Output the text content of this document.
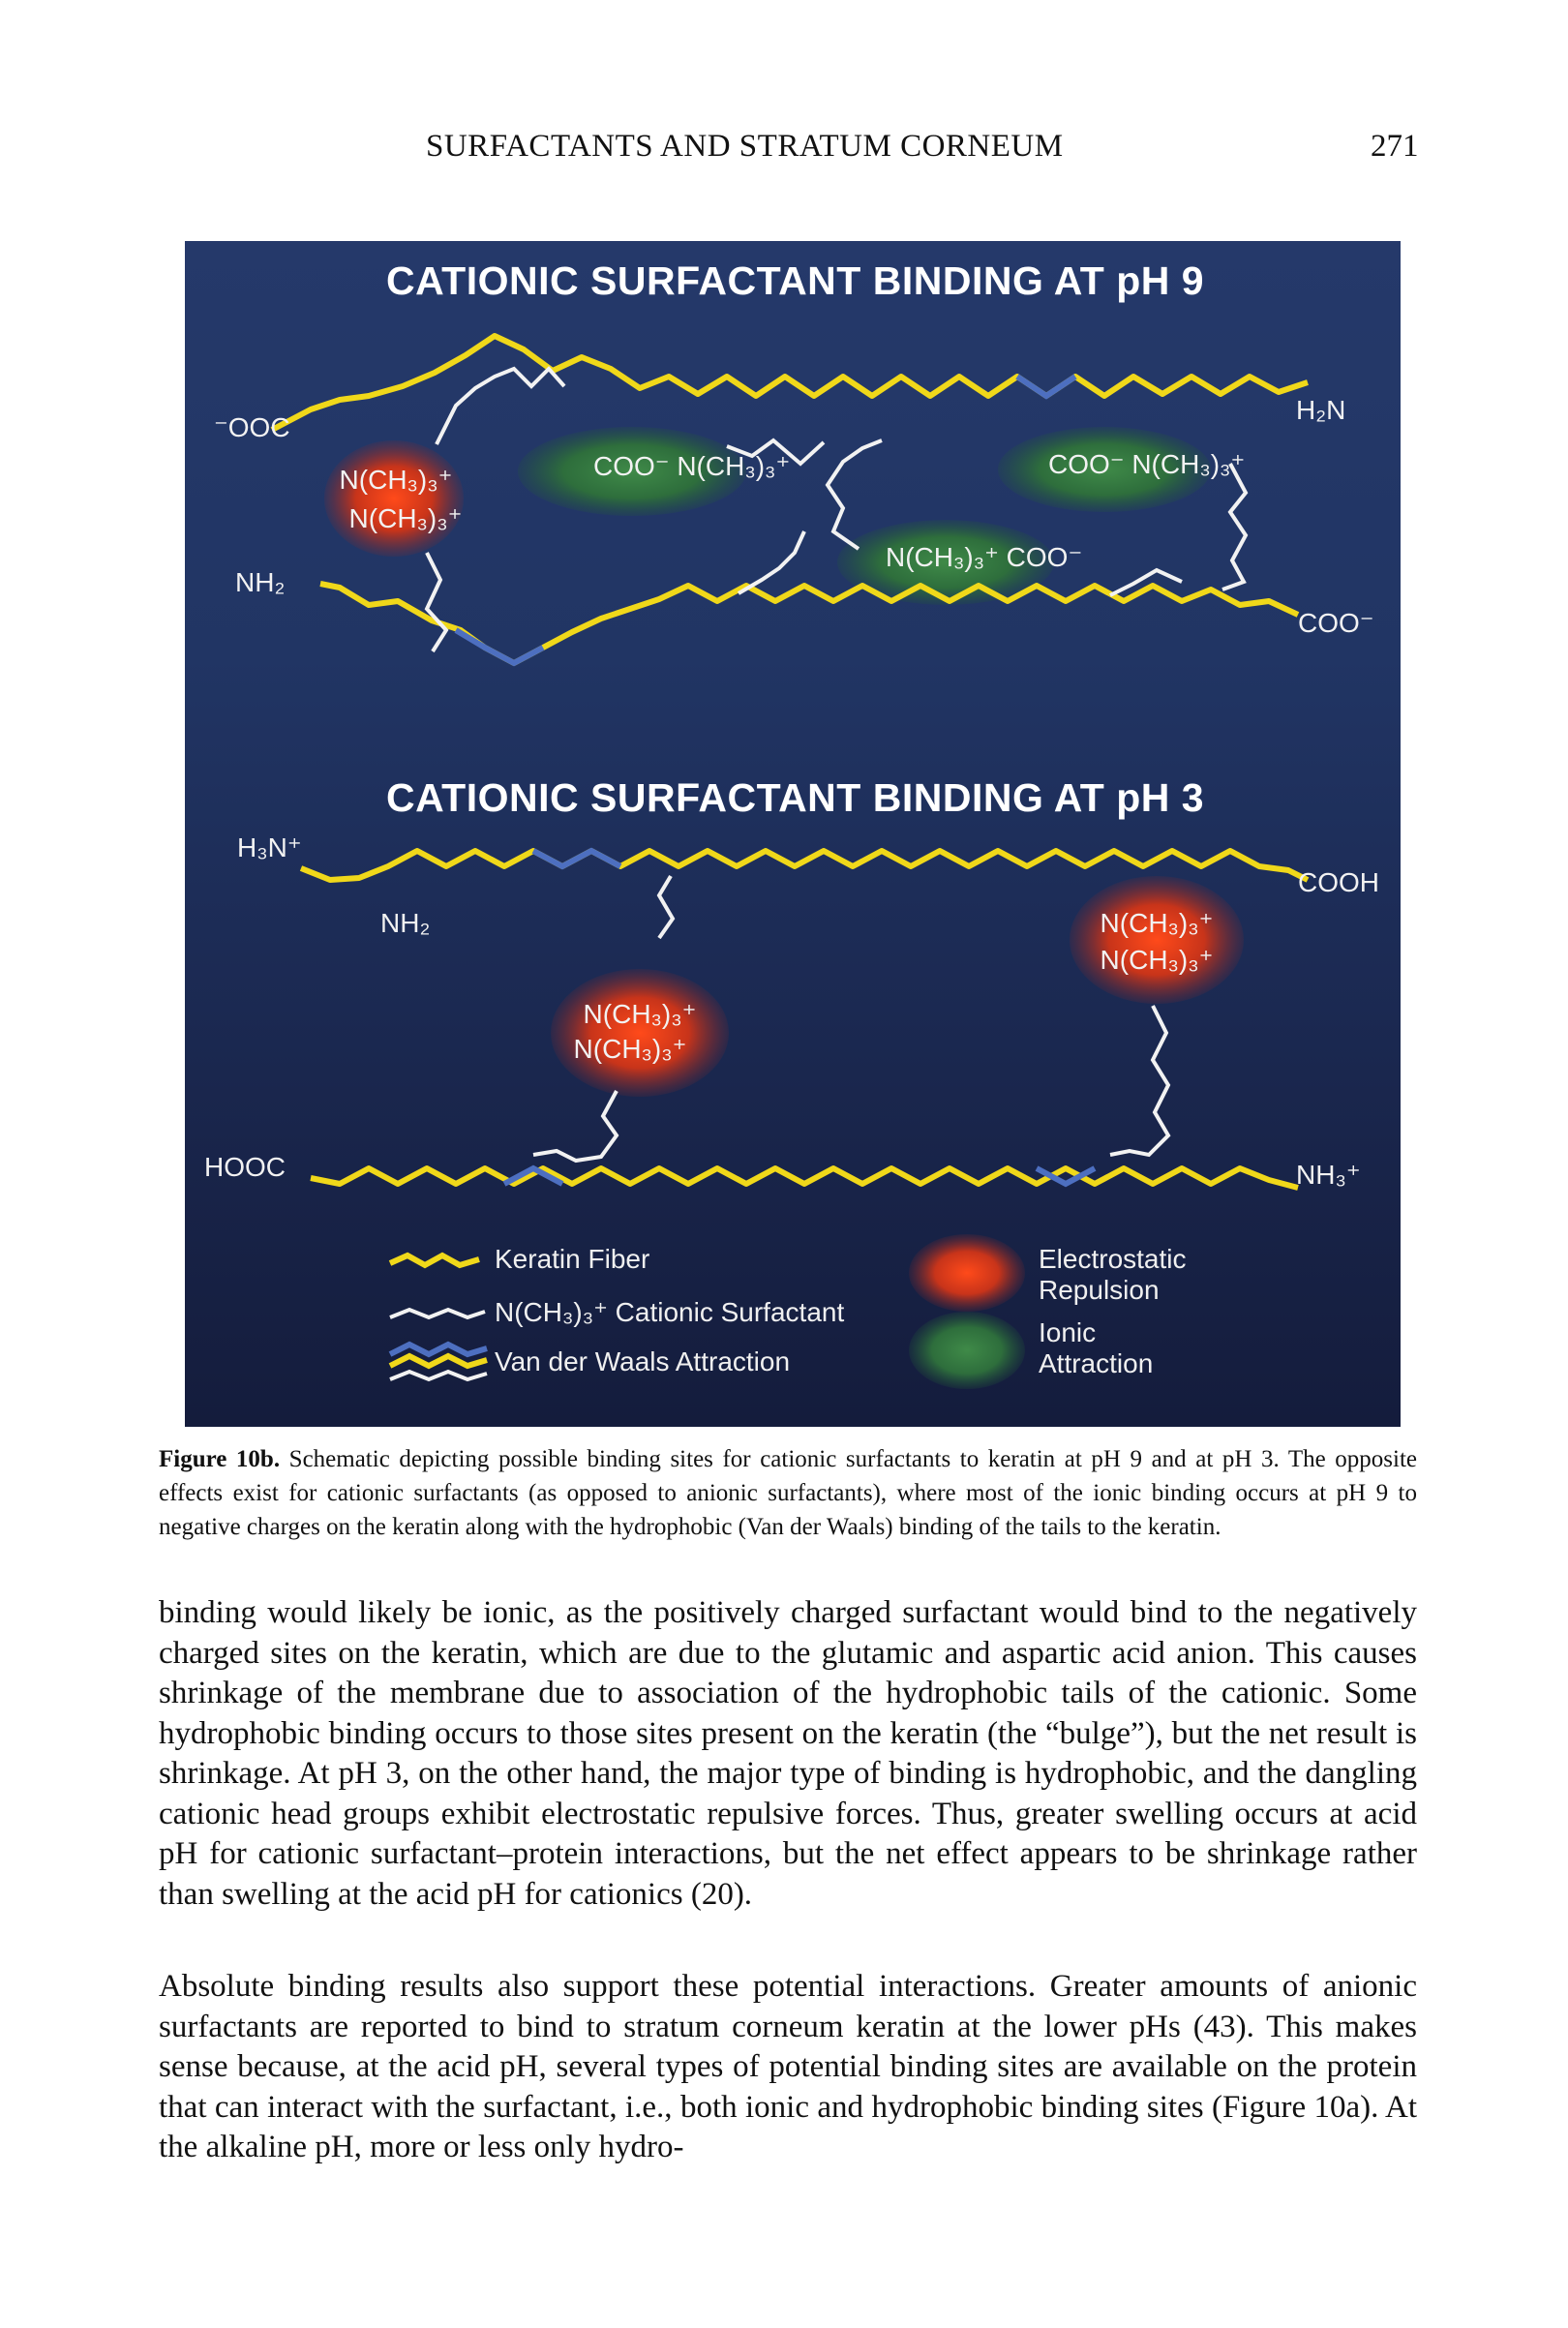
SURFACTANTS AND STRATUM CORNEUM	271
CATIONIC SURFACTANT BINDING AT pH 9
CATIONIC SURFACTANT BINDING AT pH 3
⁻OOC
H₂N
NH₂
COO⁻
N(CH₃)₃⁺
N(CH₃)₃⁺
COO⁻ N(CH₃)₃⁺	COO⁻ N(CH₃)₃⁺
N(CH₃)₃⁺ COO⁻
H₃N⁺
COOH
NH₂
HOOC	NH₃⁺
N(CH₃)₃⁺
N(CH₃)₃⁺
N(CH₃)₃⁺
N(CH₃)₃⁺
Keratin Fiber
N(CH₃)₃⁺ Cationic Surfactant
Van der Waals Attraction
Electrostatic
Repulsion
Ionic
Attraction
Figure 10b. Schematic depicting possible binding sites for cationic surfactants to keratin at pH 9 and at pH 3. The opposite effects exist for cationic surfactants (as opposed to anionic surfactants), where most of the ionic binding occurs at pH 9 to negative charges on the keratin along with the hydrophobic (Van der Waals) binding of the tails to the keratin.
binding would likely be ionic, as the positively charged surfactant would bind to the negatively charged sites on the keratin, which are due to the glutamic and aspartic acid anion. This causes shrinkage of the membrane due to association of the hydrophobic tails of the cationic. Some hydrophobic binding occurs to those sites present on the keratin (the “bulge”), but the net result is shrinkage. At pH 3, on the other hand, the major type of binding is hydrophobic, and the dangling cationic head groups exhibit electrostatic repulsive forces. Thus, greater swelling occurs at acid pH for cationic surfactant–protein interactions, but the net effect appears to be shrinkage rather than swelling at the acid pH for cationics (20).
Absolute binding results also support these potential interactions. Greater amounts of anionic surfactants are reported to bind to stratum corneum keratin at the lower pHs (43). This makes sense because, at the acid pH, several types of potential binding sites are available on the protein that can interact with the surfactant, i.e., both ionic and hydrophobic binding sites (Figure 10a). At the alkaline pH, more or less only hydro-
